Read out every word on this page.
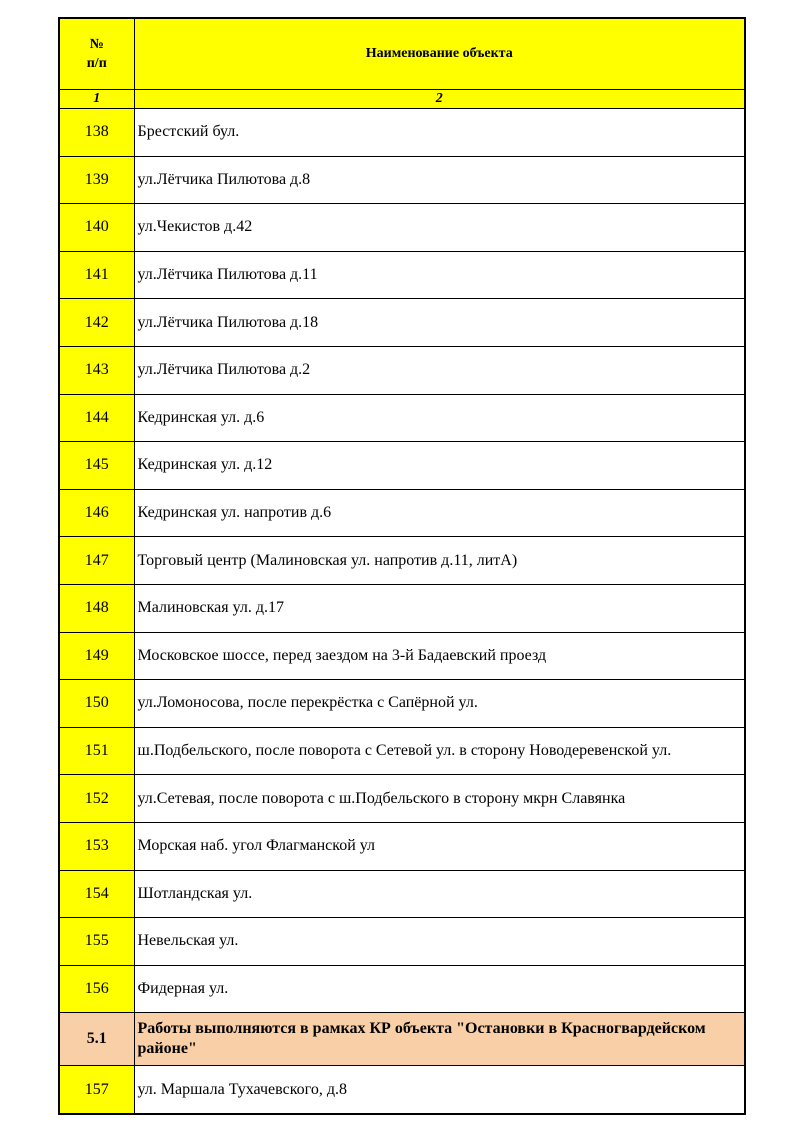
№
п/п	Наименование объекта
1	2
138	Брестский бул.
139	ул.Лётчика Пилютова д.8
140	ул.Чекистов д.42
141	ул.Лётчика Пилютова д.11
142	ул.Лётчика Пилютова д.18
143	ул.Лётчика Пилютова д.2
144	Кедринская ул. д.6
145	Кедринская ул. д.12
146	Кедринская ул. напротив д.6
147	Торговый центр (Малиновская ул. напротив д.11, литА)
148	Малиновская ул. д.17
149	Московское шоссе, перед заездом на 3-й Бадаевский проезд
150	ул.Ломоносова, после перекрёстка с Сапёрной ул.
151	ш.Подбельского, после поворота с Сетевой ул. в сторону Новодеревенской ул.
152	ул.Сетевая, после поворота с ш.Подбельского в сторону мкрн Славянка
153	Морская наб. угол Флагманской ул
154	Шотландская ул.
155	Невельская ул.
156	Фидерная ул.
5.1	Работы выполняются в рамках КР объекта "Остановки в Красногвардейском районе"
157	ул. Маршала Тухачевского, д.8
